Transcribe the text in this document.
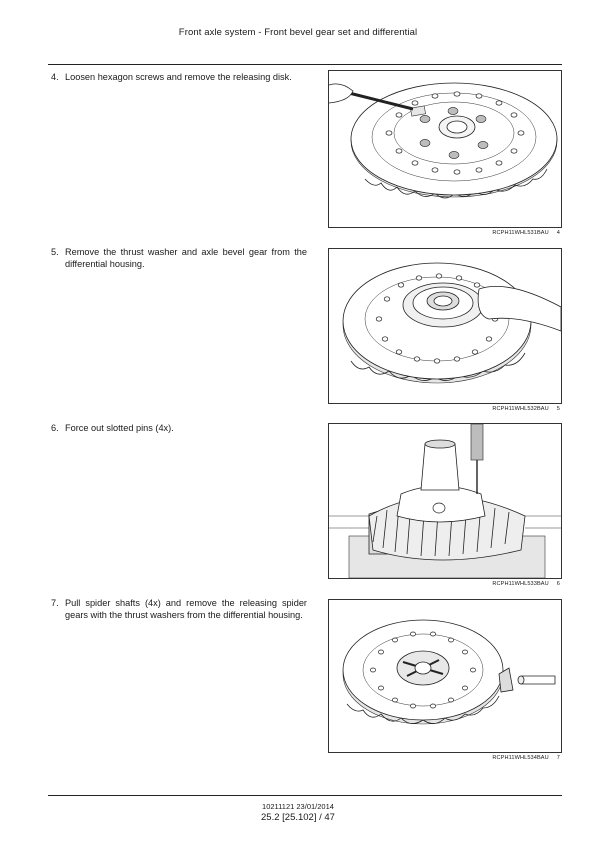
Front axle system - Front bevel gear set and differential
4. Loosen hexagon screws and remove the releasing disk.
RCPH11WHL531BAU 4
5. Remove the thrust washer and axle bevel gear from the differential housing.
RCPH11WHL532BAU 5
6. Force out slotted pins (4x).
RCPH11WHL533BAU 6
7. Pull spider shafts (4x) and remove the releasing spider gears with the thrust washers from the differential housing.
RCPH11WHL534BAU 7
10211121 23/01/2014
25.2 [25.102] / 47
